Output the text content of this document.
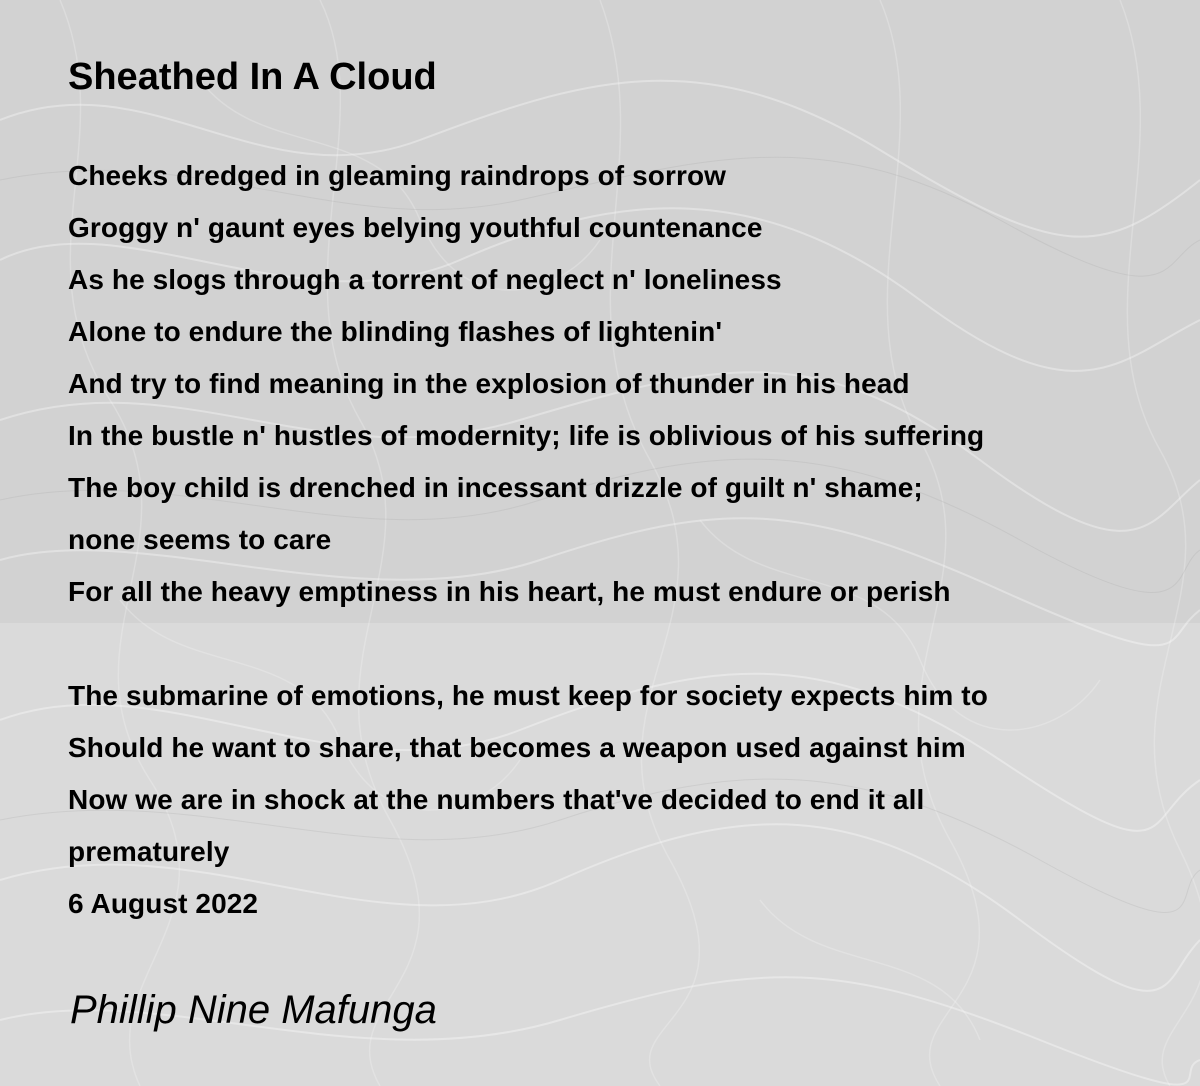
Sheathed In A Cloud
Cheeks dredged in gleaming raindrops of sorrow
Groggy n' gaunt eyes belying youthful countenance
As he slogs through a torrent of neglect n' loneliness
Alone to endure the blinding flashes of lightenin'
And try to find meaning in the explosion of thunder in his head
In the bustle n' hustles of modernity; life is oblivious of his suffering
The boy child is drenched in incessant drizzle of guilt n' shame;
none seems to care
For all the heavy emptiness in his heart, he must endure or perish
The submarine of emotions, he must keep for society expects him to
Should he want to share, that becomes a weapon used against him
Now we are in shock at the numbers that've decided to end it all
prematurely
6 August 2022

Phillip Nine Mafunga
